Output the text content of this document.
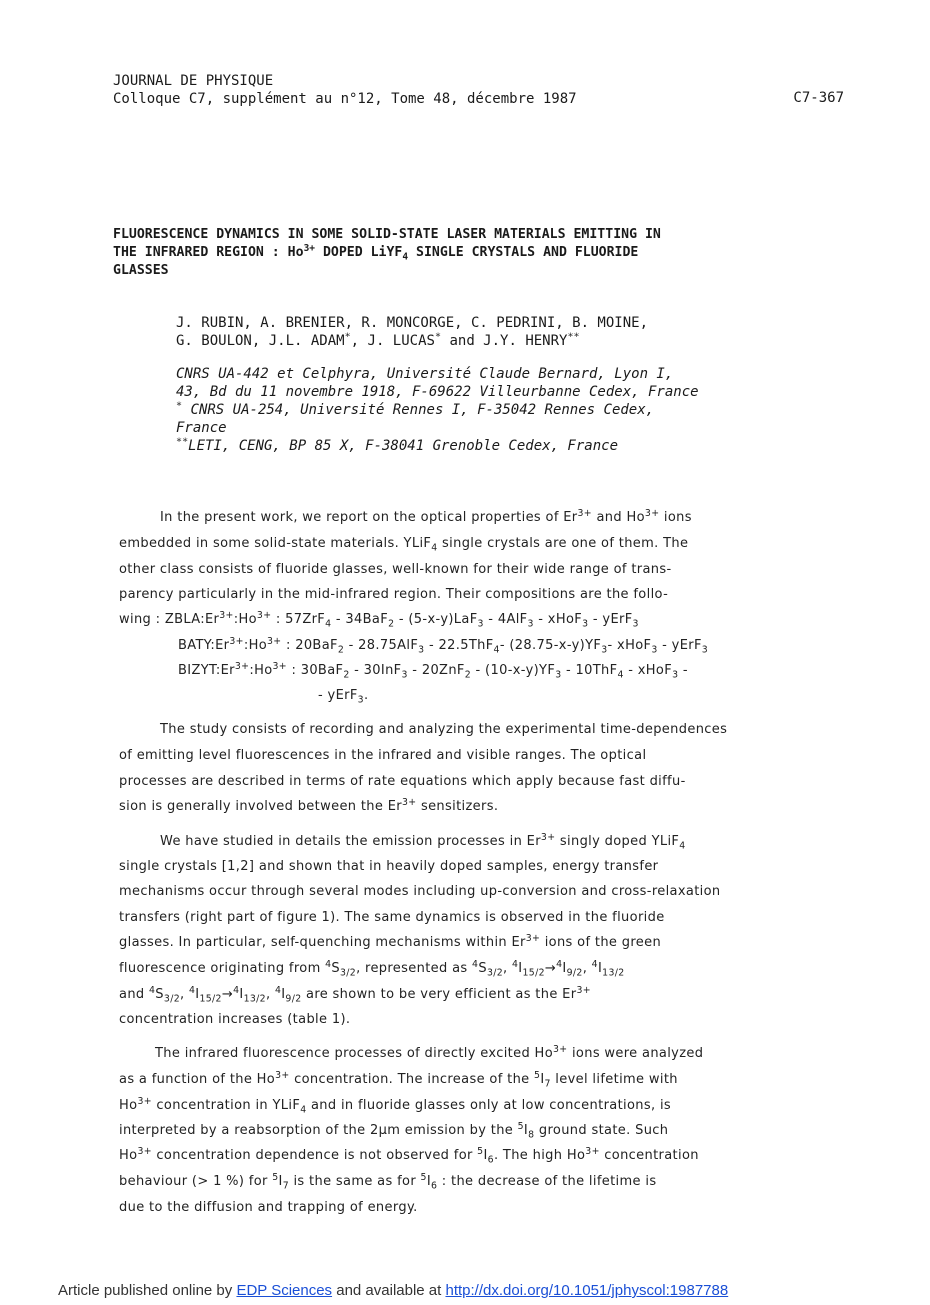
JOURNAL DE PHYSIQUE
Colloque C7, supplément au n°12, Tome 48, décembre 1987	C7-367
FLUORESCENCE DYNAMICS IN SOME SOLID-STATE LASER MATERIALS EMITTING IN
THE INFRARED REGION : $Ho^{3+}$ DOPED LiYF$_4$ SINGLE CRYSTALS AND FLUORIDE
GLASSES
J. RUBIN, A. BRENIER, R. MONCORGE, C. PEDRINI, B. MOINE,
G. BOULON, J.L. ADAM*, J. LUCAS* and J.Y. HENRY**
CNRS UA-442 et Celphyra, Université Claude Bernard, Lyon I,
43, Bd du 11 novembre 1918, F-69622 Villeurbanne Cedex, France
* CNRS UA-254, Université Rennes I, F-35042 Rennes Cedex,
France
**LETI, CENG, BP 85 X, F-38041 Grenoble Cedex, France
In the present work, we report on the optical properties of $Er^{3+}$ and $Ho^{3+}$ ions
embedded in some solid-state materials. YLiF$_4$ single crystals are one of them. The
other class consists of fluoride glasses, well-known for their wide range of trans-
parency particularly in the mid-infrared region. Their compositions are the follo-
wing : $ZBLA:Er^{3+}:Ho^{3+}$ : 57ZrF$_4$ - 34BaF$_2$ - (5-x-y)LaF$_3$ - 4AlF$_3$ - xHoF$_3$ - yErF$_3$
$BATY:Er^{3+}:Ho^{3+}$ : 20BaF$_2$ - 28.75AlF$_3$ - 22.5ThF$_4$- $(28.75-x-y)YF_3-$ xHoF$_3$ - yErF$_3$
$BIZYT:Er^{3+}:Ho^{3+}$ : $30BaF_2 - 30InF_3 - 20ZnF_2 - (10-x-y)YF_3 - 10ThF_4$ - xHoF$_3$ -
- yErF$_3$.
The study consists of recording and analyzing the experimental time-dependences
of emitting level fluorescences in the infrared and visible ranges. The optical
processes are described in terms of rate equations which apply because fast diffu-
sion is generally involved between the $Er^{3+}$ sensitizers.
We have studied in details the emission processes in $Er^{3+}$ singly doped YLiF$_4$
single crystals [1,2] and shown that in heavily doped samples, energy transfer
mechanisms occur through several modes including up-conversion and cross-relaxation
transfers (right part of figure 1). The same dynamics is observed in the fluoride
glasses. In particular, self-quenching mechanisms within $Er^{3+}$ ions of the green
fluorescence originating from $^4S_{3/2}$, represented as $^4S_{3/2}$, $^4I_{15/2}\to^4I_{9/2}$, $^4I_{13/2}$
and $^4S_{3/2}$, $^4I_{15/2}\to^4I_{13/2}$, $^4I_{9/2}$ are shown to be very efficient as the $Er^{3+}$
concentration increases (table 1).
The infrared fluorescence processes of directly excited $Ho^{3+}$ ions were analyzed
as a function of the $Ho^{3+}$ concentration. The increase of the $^5I_7$ level lifetime with
$Ho^{3+}$ concentration in YLiF$_4$ and in fluoride glasses only at low concentrations, is
interpreted by a reabsorption of the 2µm emission by the $^5I_8$ ground state. Such
$Ho^{3+}$ concentration dependence is not observed for $^5I_6$. The high $Ho^{3+}$ concentration
behaviour (> 1 %) for $^5I_7$ is the same as for $^5I_6$ : the decrease of the lifetime is
due to the diffusion and trapping of energy.
Article published online by EDP Sciences and available at http://dx.doi.org/10.1051/jphyscol:1987788
